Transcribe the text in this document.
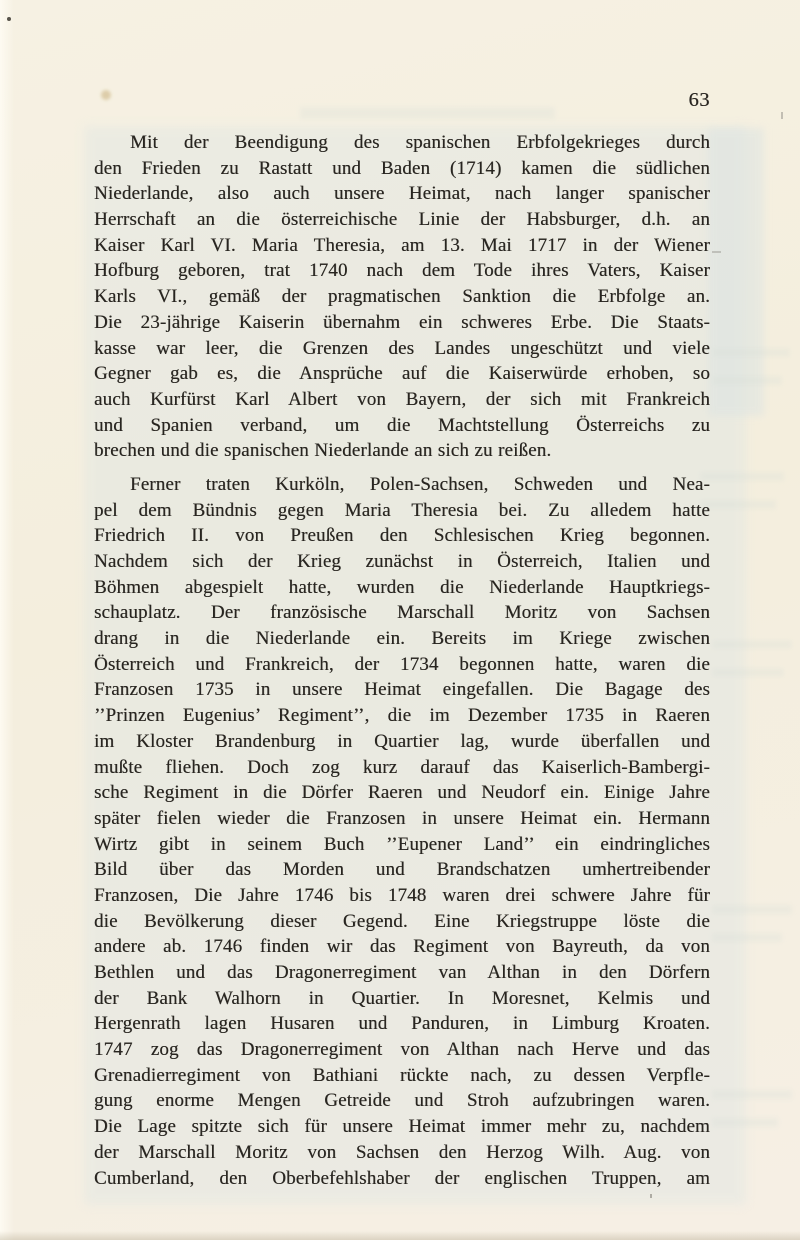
63
Mit der Beendigung des spanischen Erbfolgekrieges durch
den Frieden zu Rastatt und Baden (1714) kamen die südlichen
Niederlande, also auch unsere Heimat, nach langer spanischer
Herrschaft an die österreichische Linie der Habsburger, d.h. an
Kaiser Karl VI. Maria Theresia, am 13. Mai 1717 in der Wiener
Hofburg geboren, trat 1740 nach dem Tode ihres Vaters, Kaiser
Karls VI., gemäß der pragmatischen Sanktion die Erbfolge an.
Die 23-jährige Kaiserin übernahm ein schweres Erbe. Die Staats-
kasse war leer, die Grenzen des Landes ungeschützt und viele
Gegner gab es, die Ansprüche auf die Kaiserwürde erhoben, so
auch Kurfürst Karl Albert von Bayern, der sich mit Frankreich
und Spanien verband, um die Machtstellung Österreichs zu
brechen und die spanischen Niederlande an sich zu reißen.
Ferner traten Kurköln, Polen-Sachsen, Schweden und Nea-
pel dem Bündnis gegen Maria Theresia bei. Zu alledem hatte
Friedrich II. von Preußen den Schlesischen Krieg begonnen.
Nachdem sich der Krieg zunächst in Österreich, Italien und
Böhmen abgespielt hatte, wurden die Niederlande Hauptkriegs-
schauplatz. Der französische Marschall Moritz von Sachsen
drang in die Niederlande ein. Bereits im Kriege zwischen
Österreich und Frankreich, der 1734 begonnen hatte, waren die
Franzosen 1735 in unsere Heimat eingefallen. Die Bagage des
’’Prinzen Eugenius’ Regiment’’, die im Dezember 1735 in Raeren
im Kloster Brandenburg in Quartier lag, wurde überfallen und
mußte fliehen. Doch zog kurz darauf das Kaiserlich-Bambergi-
sche Regiment in die Dörfer Raeren und Neudorf ein. Einige Jahre
später fielen wieder die Franzosen in unsere Heimat ein. Hermann
Wirtz gibt in seinem Buch ’’Eupener Land’’ ein eindringliches
Bild über das Morden und Brandschatzen umhertreibender
Franzosen, Die Jahre 1746 bis 1748 waren drei schwere Jahre für
die Bevölkerung dieser Gegend. Eine Kriegstruppe löste die
andere ab. 1746 finden wir das Regiment von Bayreuth, da von
Bethlen und das Dragonerregiment van Althan in den Dörfern
der Bank Walhorn in Quartier. In Moresnet, Kelmis und
Hergenrath lagen Husaren und Panduren, in Limburg Kroaten.
1747 zog das Dragonerregiment von Althan nach Herve und das
Grenadierregiment von Bathiani rückte nach, zu dessen Verpfle-
gung enorme Mengen Getreide und Stroh aufzubringen waren.
Die Lage spitzte sich für unsere Heimat immer mehr zu, nachdem
der Marschall Moritz von Sachsen den Herzog Wilh. Aug. von
Cumberland, den Oberbefehlshaber der englischen Truppen, am
